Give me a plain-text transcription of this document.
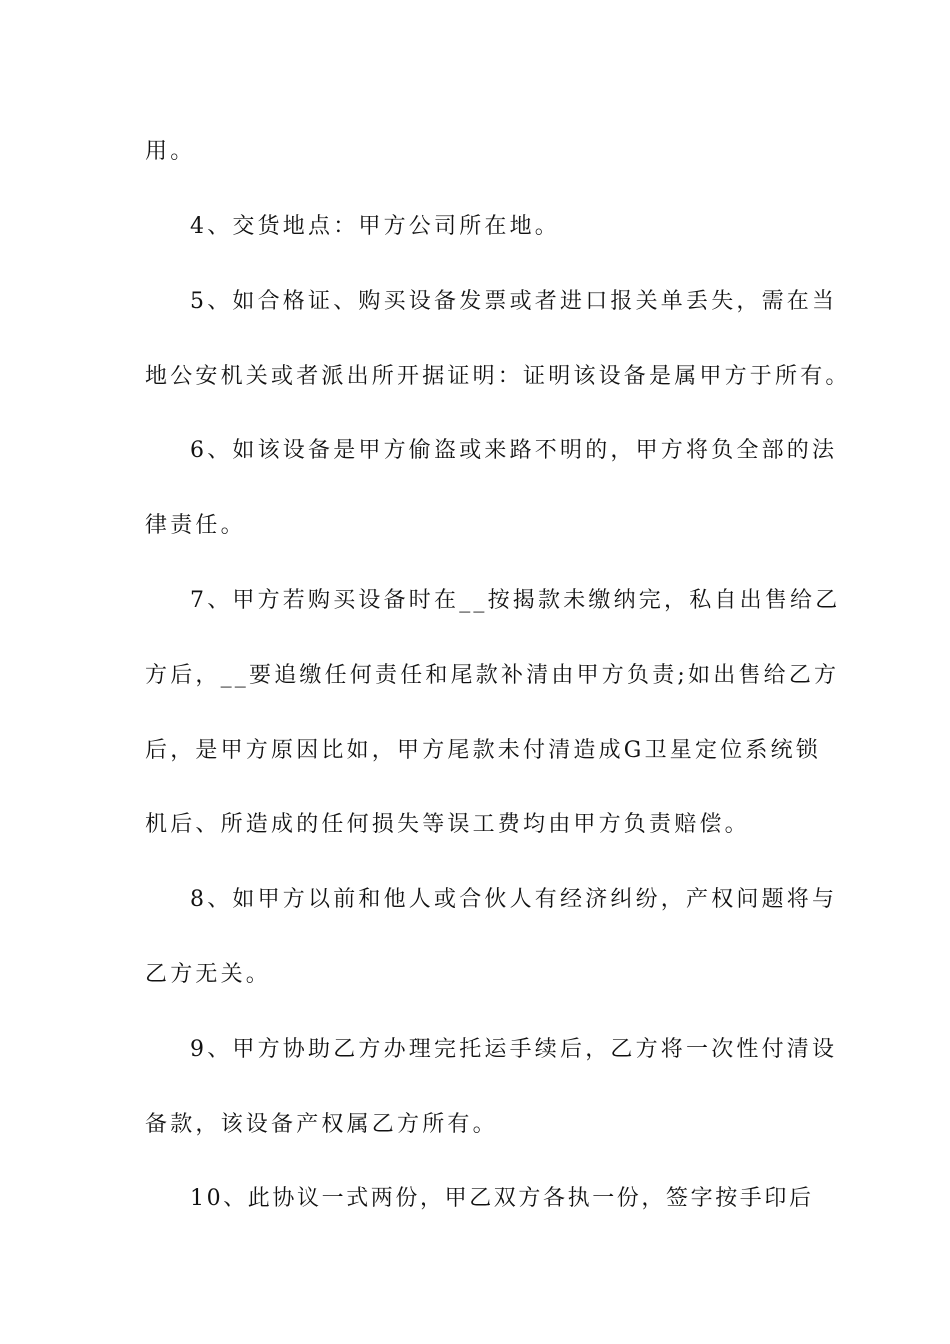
用。
4、交货地点：甲方公司所在地。
5、如合格证、购买设备发票或者进口报关单丢失，需在当
地公安机关或者派出所开据证明：证明该设备是属甲方于所有。
6、如该设备是甲方偷盗或来路不明的，甲方将负全部的法
律责任。
7、甲方若购买设备时在__按揭款未缴纳完，私自出售给乙
方后，__要追缴任何责任和尾款补清由甲方负责;如出售给乙方
后，是甲方原因比如，甲方尾款未付清造成G卫星定位系统锁
机后、所造成的任何损失等误工费均由甲方负责赔偿。
8、如甲方以前和他人或合伙人有经济纠纷，产权问题将与
乙方无关。
9、甲方协助乙方办理完托运手续后，乙方将一次性付清设
备款，该设备产权属乙方所有。
10、此协议一式两份，甲乙双方各执一份，签字按手印后
